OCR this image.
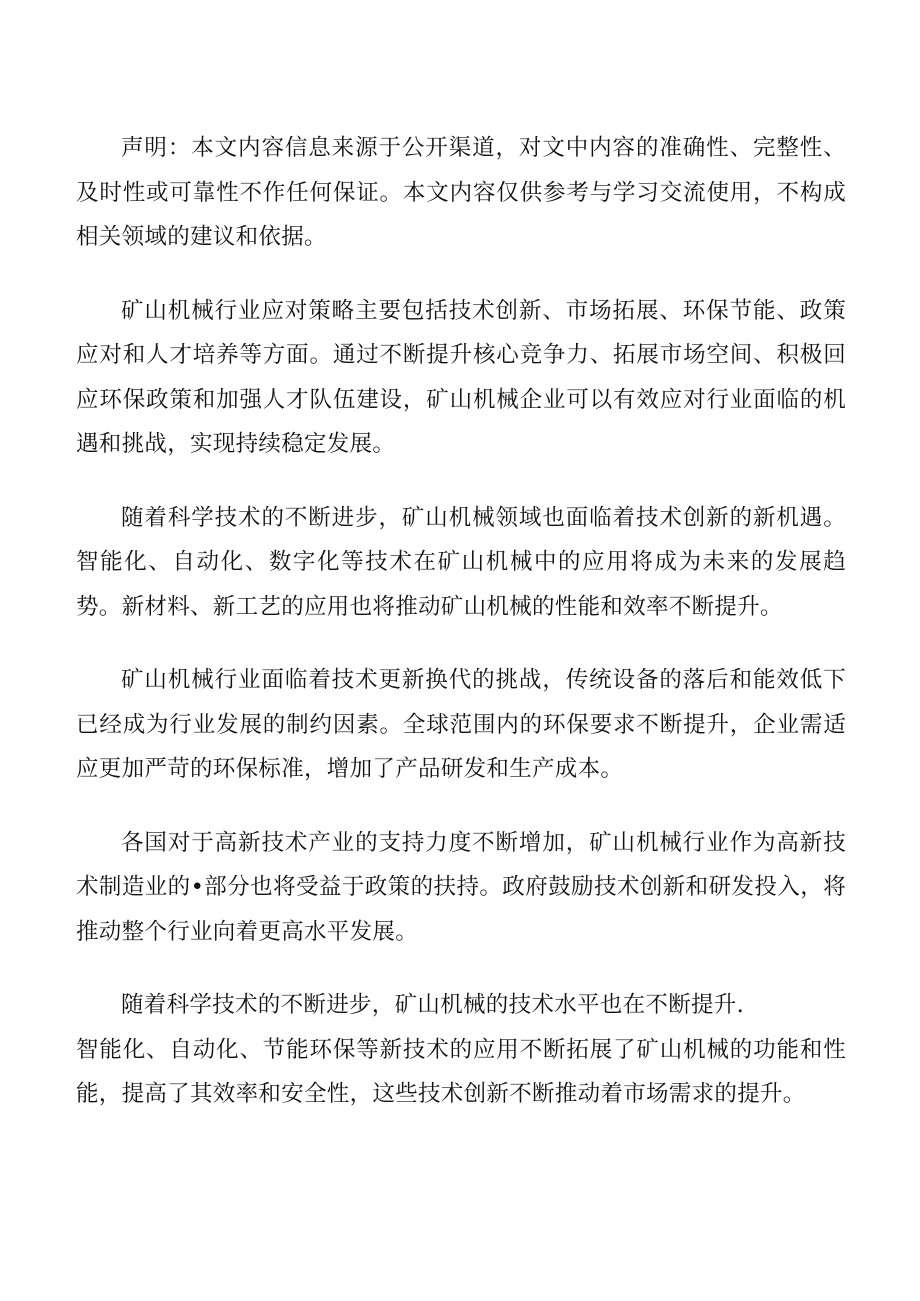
声明：本文内容信息来源于公开渠道，对文中内容的准确性、完整性、及时性或可靠性不作任何保证。本文内容仅供参考与学习交流使用，不构成相关领域的建议和依据。

矿山机械行业应对策略主要包括技术创新、市场拓展、环保节能、政策应对和人才培养等方面。通过不断提升核心竞争力、拓展市场空间、积极回应环保政策和加强人才队伍建设，矿山机械企业可以有效应对行业面临的机遇和挑战，实现持续稳定发展。

随着科学技术的不断进步，矿山机械领域也面临着技术创新的新机遇。智能化、自动化、数字化等技术在矿山机械中的应用将成为未来的发展趋势。新材料、新工艺的应用也将推动矿山机械的性能和效率不断提升。

矿山机械行业面临着技术更新换代的挑战，传统设备的落后和能效低下已经成为行业发展的制约因素。全球范围内的环保要求不断提升，企业需适应更加严苛的环保标准，增加了产品研发和生产成本。

各国对于高新技术产业的支持力度不断增加，矿山机械行业作为高新技术制造业的•部分也将受益于政策的扶持。政府鼓励技术创新和研发投入，将推动整个行业向着更高水平发展。

随着科学技术的不断进步，矿山机械的技术水平也在不断提升.

智能化、自动化、节能环保等新技术的应用不断拓展了矿山机械的功能和性能，提高了其效率和安全性，这些技术创新不断推动着市场需求的提升。
